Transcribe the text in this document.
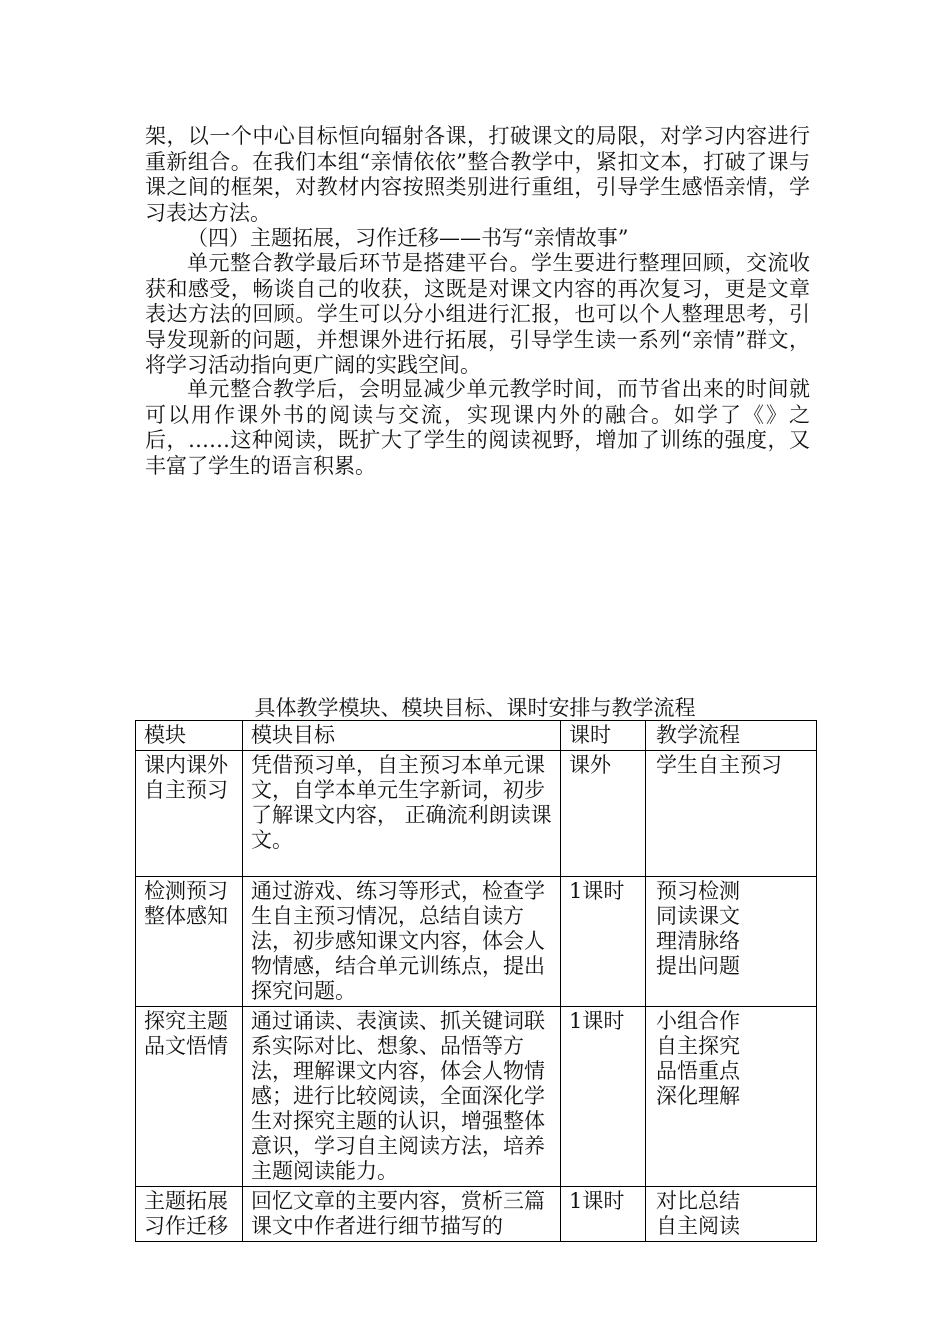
架，以一个中心目标恒向辐射各课，打破课文的局限，对学习内容进行重新组合。在我们本组“亲情依依”整合教学中，紧扣文本，打破了课与课之间的框架，对教材内容按照类别进行重组，引导学生感悟亲情，学习表达方法。

（四）主题拓展，习作迁移——书写“亲情故事”

单元整合教学最后环节是搭建平台。学生要进行整理回顾，交流收获和感受，畅谈自己的收获，这既是对课文内容的再次复习，更是文章表达方法的回顾。学生可以分小组进行汇报，也可以个人整理思考，引导发现新的问题，并想课外进行拓展，引导学生读一系列“亲情”群文，将学习活动指向更广阔的实践空间。

单元整合教学后，会明显减少单元教学时间，而节省出来的时间就可以用作课外书的阅读与交流，实现课内外的融合。如学了《》之后，……这种阅读，既扩大了学生的阅读视野，增加了训练的强度，又丰富了学生的语言积累。

具体教学模块、模块目标、课时安排与教学流程
模块	模块目标	课时	教学流程
课内课外自主预习	凭借预习单，自主预习本单元课文，自学本单元生字新词，初步了解课文内容， 正确流利朗读课文。	课外	学生自主预习

检测预习整体感知	通过游戏、练习等形式，检查学生自主预习情况，总结自读方法，初步感知课文内容，体会人物情感，结合单元训练点，提出探究问题。	1课时	预习检测
同读课文
理清脉络
提出问题

探究主题品文悟情	通过诵读、表演读、抓关键词联系实际对比、想象、品悟等方法，理解课文内容，体会人物情感；进行比较阅读，全面深化学生对探究主题的认识，增强整体意识，学习自主阅读方法，培养主题阅读能力。	1课时	小组合作
自主探究
品悟重点
深化理解

主题拓展习作迁移	回忆文章的主要内容，赏析三篇课文中作者进行细节描写的	1课时	对比总结
自主阅读
